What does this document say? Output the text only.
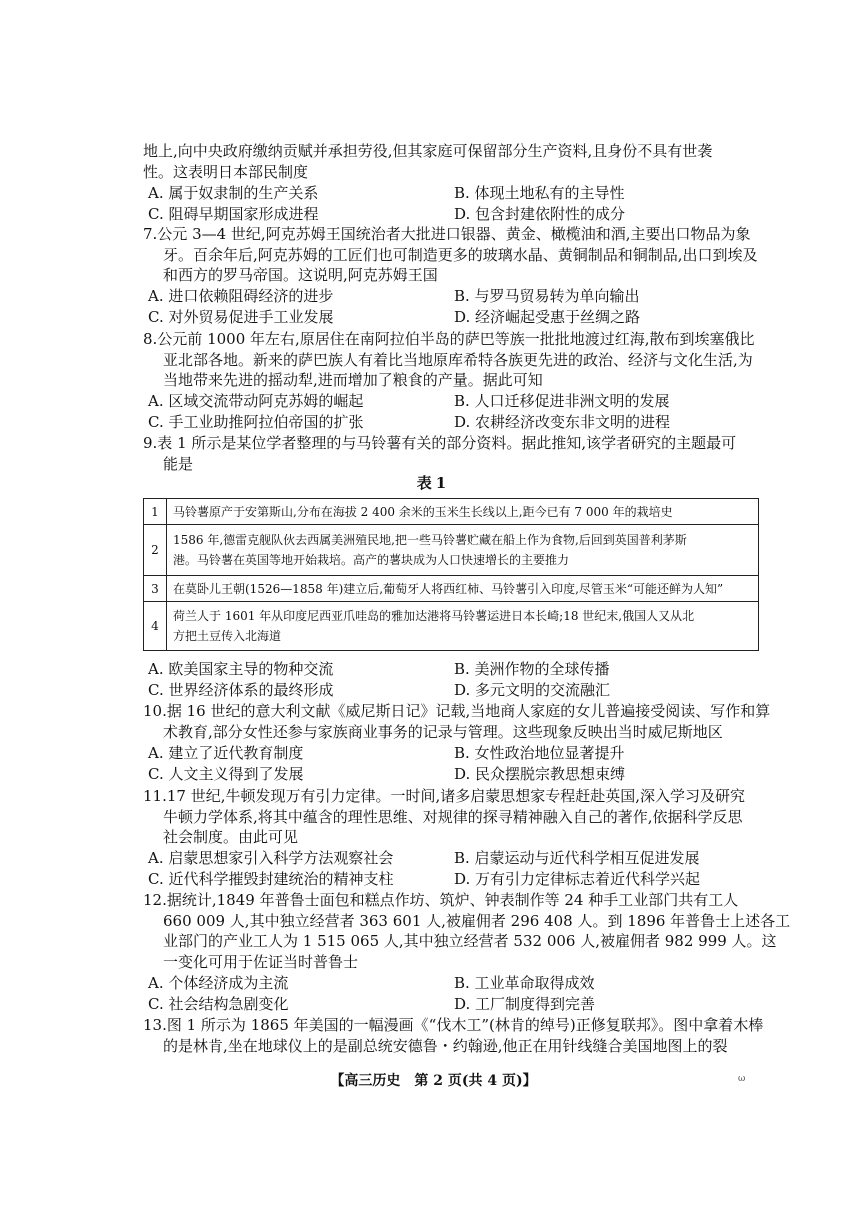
地上,向中央政府缴纳贡赋并承担劳役,但其家庭可保留部分生产资料,且身份不具有世袭
性。这表明日本部民制度
A. 属于奴隶制的生产关系	B. 体现土地私有的主导性
C. 阻碍早期国家形成进程	D. 包含封建依附性的成分
7.公元 3—4 世纪,阿克苏姆王国统治者大批进口银器、黄金、橄榄油和酒,主要出口物品为象
牙。百余年后,阿克苏姆的工匠们也可制造更多的玻璃水晶、黄铜制品和铜制品,出口到埃及
和西方的罗马帝国。这说明,阿克苏姆王国
A. 进口依赖阻碍经济的进步	B. 与罗马贸易转为单向输出
C. 对外贸易促进手工业发展	D. 经济崛起受惠于丝绸之路
8.公元前 1000 年左右,原居住在南阿拉伯半岛的萨巴等族一批批地渡过红海,散布到埃塞俄比
亚北部各地。新来的萨巴族人有着比当地原库希特各族更先进的政治、经济与文化生活,为
当地带来先进的摇动犁,进而增加了粮食的产量。据此可知
A. 区域交流带动阿克苏姆的崛起	B. 人口迁移促进非洲文明的发展
C. 手工业助推阿拉伯帝国的扩张	D. 农耕经济改变东非文明的进程
9.表 1 所示是某位学者整理的与马铃薯有关的部分资料。据此推知,该学者研究的主题最可
能是
表1
1	马铃薯原产于安第斯山,分布在海拔 2 400 余米的玉米生长线以上,距今已有 7 000 年的栽培史
2	1586 年,德雷克舰队伙去西属美洲殖民地,把一些马铃薯贮藏在船上作为食物,后回到英国普利茅斯
港。马铃薯在英国等地开始栽培。高产的薯块成为人口快速增长的主要推力

3	在莫卧儿王朝(1526—1858 年)建立后,葡萄牙人将西红柿、马铃薯引入印度,尽管玉米“可能还鲜为人知”
4	荷兰人于 1601 年从印度尼西亚爪哇岛的雅加达港将马铃薯运进日本长崎;18 世纪末,俄国人又从北
方把土豆传入北海道
A. 欧美国家主导的物种交流	B. 美洲作物的全球传播
C. 世界经济体系的最终形成	D. 多元文明的交流融汇
10.据 16 世纪的意大利文献《威尼斯日记》记载,当地商人家庭的女儿普遍接受阅读、写作和算
术教育,部分女性还参与家族商业事务的记录与管理。这些现象反映出当时威尼斯地区
A. 建立了近代教育制度	B. 女性政治地位显著提升
C. 人文主义得到了发展	D. 民众摆脱宗教思想束缚
11.17 世纪,牛顿发现万有引力定律。一时间,诸多启蒙思想家专程赶赴英国,深入学习及研究
牛顿力学体系,将其中蕴含的理性思维、对规律的探寻精神融入自己的著作,依据科学反思
社会制度。由此可见
A. 启蒙思想家引入科学方法观察社会	B. 启蒙运动与近代科学相互促进发展
C. 近代科学摧毁封建统治的精神支柱	D. 万有引力定律标志着近代科学兴起
12.据统计,1849 年普鲁士面包和糕点作坊、筑炉、钟表制作等 24 种手工业部门共有工人
660 009 人,其中独立经营者 363 601 人,被雇佣者 296 408 人。到 1896 年普鲁士上述各工
业部门的产业工人为 1 515 065 人,其中独立经营者 532 006 人,被雇佣者 982 999 人。这
一变化可用于佐证当时普鲁士
A. 个体经济成为主流	B. 工业革命取得成效
C. 社会结构急剧变化	D. 工厂制度得到完善
13.图 1 所示为 1865 年美国的一幅漫画《“伐木工”(林肯的绰号)正修复联邦》。图中拿着木棒
的是林肯,坐在地球仪上的是副总统安德鲁・约翰逊,他正在用针线缝合美国地图上的裂
【高三历史　第 2 页(共 4 页)】	ω
